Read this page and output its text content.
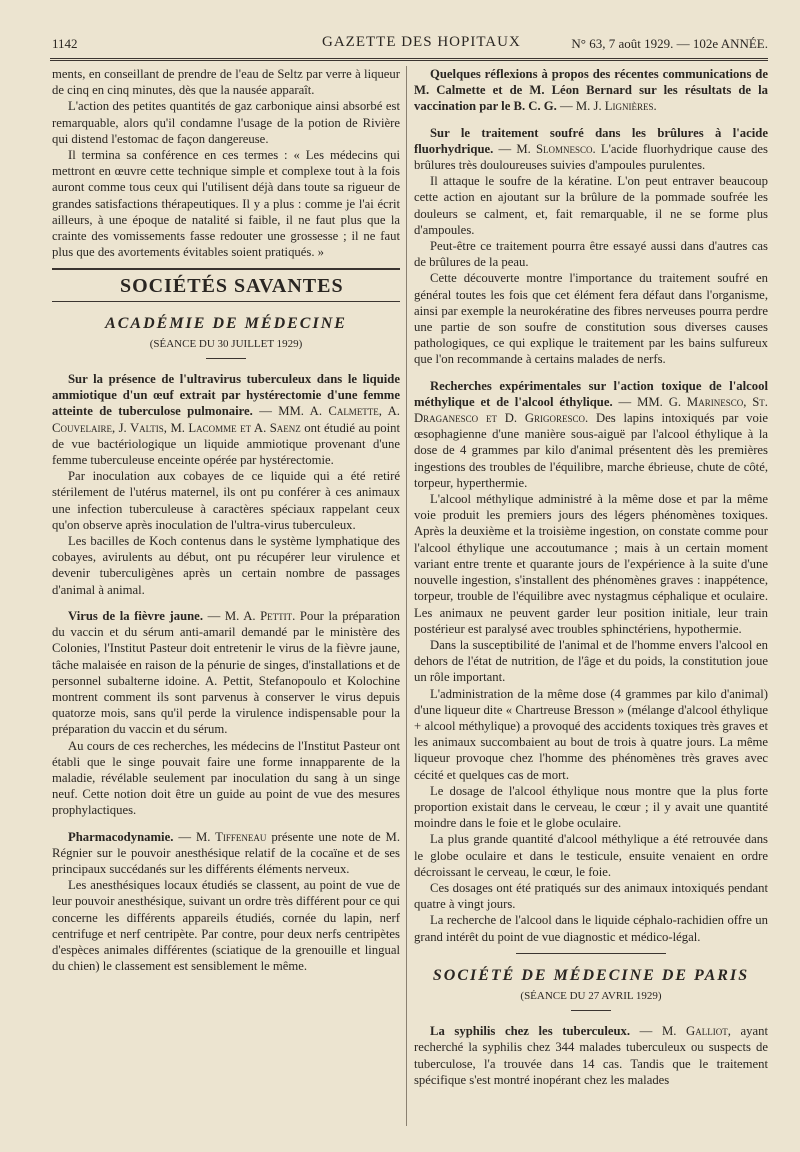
1142	GAZETTE DES HOPITAUX	N° 63, 7 août 1929. — 102e ANNÉE.

ments, en conseillant de prendre de l'eau de Seltz par verre à liqueur de cinq en cinq minutes, dès que la nausée apparaît.

L'action des petites quantités de gaz carbonique ainsi absorbé est remarquable, alors qu'il condamne l'usage de la potion de Rivière qui distend l'estomac de façon dangereuse.

Il termina sa conférence en ces termes : « Les médecins qui mettront en œuvre cette technique simple et complexe tout à la fois auront comme tous ceux qui l'utilisent déjà dans toute sa rigueur de grandes satisfactions thérapeutiques. Il y a plus : comme je l'ai écrit ailleurs, à une époque de natalité si faible, il ne faut plus que la crainte des vomissements fasse redouter une grossesse ; il ne faut plus que des avortements évitables soient pratiqués. »

SOCIÉTÉS SAVANTES
ACADÉMIE DE MÉDECINE
(SÉANCE DU 30 JUILLET 1929)

Sur la présence de l'ultravirus tuberculeux dans le liquide ammiotique d'un œuf extrait par hystérectomie d'une femme atteinte de tuberculose pulmonaire. — MM. A. Calmette, A. Couvelaire, J. Valtis, M. Lacomme et A. Saenz ont étudié au point de vue bactériologique un liquide ammiotique provenant d'une femme tuberculeuse enceinte opérée par hystérectomie.

Par inoculation aux cobayes de ce liquide qui a été retiré stérilement de l'utérus maternel, ils ont pu conférer à ces animaux une infection tuberculeuse à caractères spéciaux rappelant ceux qu'on observe après inoculation de l'ultra-virus tuberculeux.

Les bacilles de Koch contenus dans le système lymphatique des cobayes, avirulents au début, ont pu récupérer leur virulence et devenir tuberculigènes après un certain nombre de passages d'animal à animal.

Virus de la fièvre jaune. — M. A. Pettit. Pour la préparation du vaccin et du sérum anti-amaril demandé par le ministère des Colonies, l'Institut Pasteur doit entretenir le virus de la fièvre jaune, tâche malaisée en raison de la pénurie de singes, d'installations et de personnel subalterne idoine. A. Pettit, Stefanopoulo et Kolochine montrent comment ils sont parvenus à conserver le virus depuis quatorze mois, sans qu'il perde la virulence indispensable pour la préparation du vaccin et du sérum.

Au cours de ces recherches, les médecins de l'Institut Pasteur ont établi que le singe pouvait faire une forme innapparente de la maladie, révélable seulement par inoculation du sang à un singe neuf. Cette notion doit être un guide au point de vue des mesures prophylactiques.

Pharmacodynamie. — M. Tiffeneau présente une note de M. Régnier sur le pouvoir anesthésique relatif de la cocaïne et de ses principaux succédanés sur les différents éléments nerveux.

Les anesthésiques locaux étudiés se classent, au point de vue de leur pouvoir anesthésique, suivant un ordre très différent pour ce qui concerne les différents appareils étudiés, cornée du lapin, nerf centrifuge et nerf centripète. Par contre, pour deux nerfs centripètes d'espèces animales différentes (sciatique de la grenouille et lingual du chien) le classement est sensiblement le même.

Quelques réflexions à propos des récentes communications de M. Calmette et de M. Léon Bernard sur les résultats de la vaccination par le B. C. G. — M. J. Lignières.

Sur le traitement soufré dans les brûlures à l'acide fluorhydrique. — M. Slomnesco. L'acide fluorhydrique cause des brûlures très douloureuses suivies d'ampoules purulentes.

Il attaque le soufre de la kératine. L'on peut entraver beaucoup cette action en ajoutant sur la brûlure de la pommade soufrée les douleurs se calment, et, fait remarquable, il ne se forme plus d'ampoules.

Peut-être ce traitement pourra être essayé aussi dans d'autres cas de brûlures de la peau.

Cette découverte montre l'importance du traitement soufré en général toutes les fois que cet élément fera défaut dans l'organisme, ainsi par exemple la neurokératine des fibres nerveuses pourra perdre une partie de son soufre de constitution sous diverses causes pathologiques, ce qui explique le traitement par les bains sulfureux que l'on recommande à certains malades de nerfs.

Recherches expérimentales sur l'action toxique de l'alcool méthylique et de l'alcool éthylique. — MM. G. Marinesco, St. Draganesco et D. Grigoresco. Des lapins intoxiqués par voie œsophagienne d'une manière sous-aiguë par l'alcool éthylique à la dose de 4 grammes par kilo d'animal présentent dès les premières ingestions des troubles de l'équilibre, marche ébrieuse, chute de côté, torpeur, hyperthermie.

L'alcool méthylique administré à la même dose et par la même voie produit les premiers jours des légers phénomènes toxiques. Après la deuxième et la troisième ingestion, on constate comme pour l'alcool éthylique une accoutumance ; mais à un certain moment variant entre trente et quarante jours de l'expérience à la suite d'une nouvelle ingestion, s'installent des phénomènes graves : inappétence, torpeur, trouble de l'équilibre avec nystagmus céphalique et oculaire. Les animaux ne peuvent garder leur position initiale, leur train postérieur est paralysé avec troubles sphinctériens, hypothermie.

Dans la susceptibilité de l'animal et de l'homme envers l'alcool en dehors de l'état de nutrition, de l'âge et du poids, la constitution joue un rôle important.

L'administration de la même dose (4 grammes par kilo d'animal) d'une liqueur dite « Chartreuse Bresson » (mélange d'alcool éthylique + alcool méthylique) a provoqué des accidents toxiques très graves et les animaux succombaient au bout de trois à quatre jours. La même liqueur provoque chez l'homme des phénomènes très graves avec cécité et quelques cas de mort.

Le dosage de l'alcool éthylique nous montre que la plus forte proportion existait dans le cerveau, le cœur ; il y avait une quantité moindre dans le foie et le globe oculaire.

La plus grande quantité d'alcool méthylique a été retrouvée dans le globe oculaire et dans le testicule, ensuite venaient en ordre décroissant le cerveau, le cœur, le foie.

Ces dosages ont été pratiqués sur des animaux intoxiqués pendant quatre à vingt jours.

La recherche de l'alcool dans le liquide céphalo-rachidien offre un grand intérêt du point de vue diagnostic et médico-légal.

SOCIÉTÉ DE MÉDECINE DE PARIS
(SÉANCE DU 27 AVRIL 1929)

La syphilis chez les tuberculeux. — M. Galliot, ayant recherché la syphilis chez 344 malades tuberculeux ou suspects de tuberculose, l'a trouvée dans 14 cas. Tandis que le traitement spécifique s'est montré inopérant chez les malades
